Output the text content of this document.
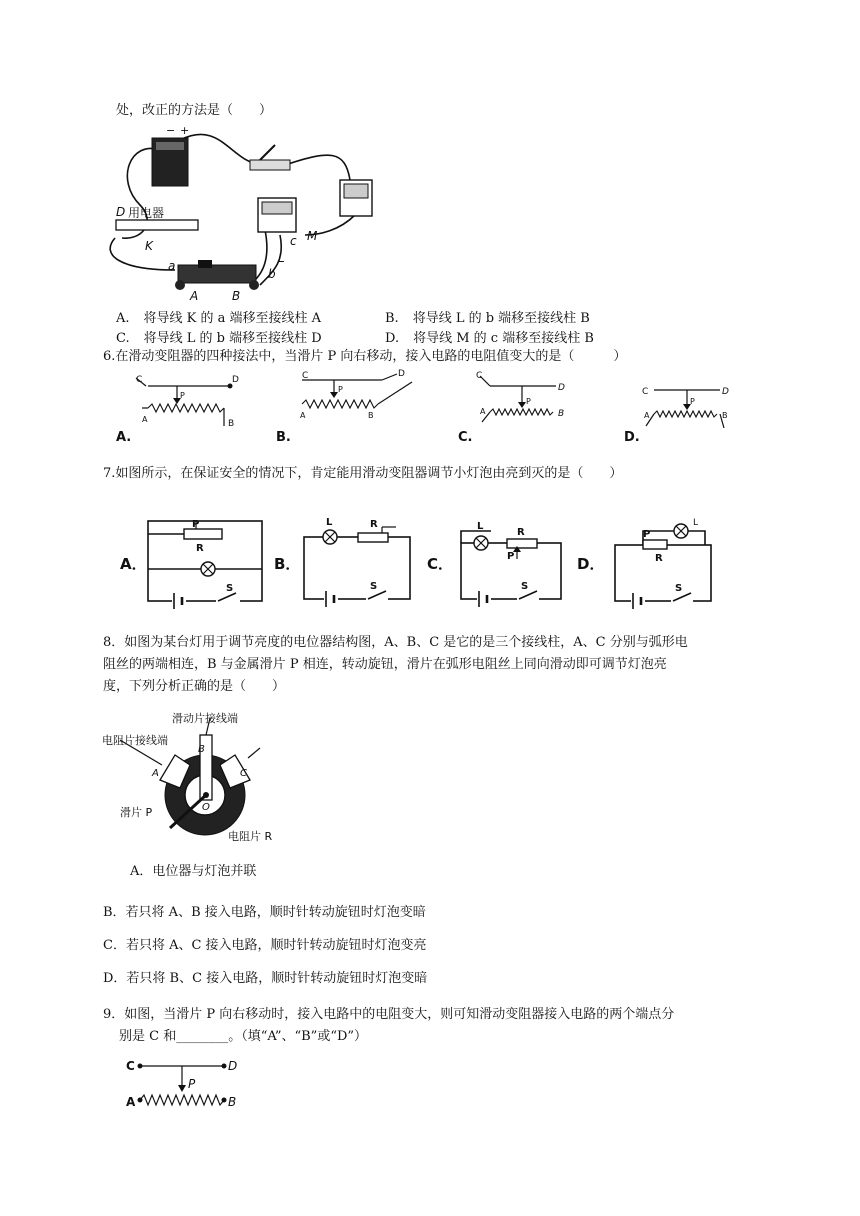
处，改正的方法是（　　）
− +
D 用电器
K
a
b
c
L
M
A	B
A. 将导线 K 的 a 端移至接线柱 A	B. 将导线 L 的 b 端移至接线柱 B
C. 将导线 L 的 b 端移至接线柱 D	D. 将导线 M 的 c 端移至接线柱 B
6.在滑动变阻器的四种接法中，当滑片 P 向右移动，接入电路的电阻值变大的是（　　　）
C	D
P
A	B
A.
C	D
P
A	B
B.
C
D
P
A	B
C.
C	D
P
A	B
D.
7.如图所示，在保证安全的情况下，肯定能用滑动变阻器调节小灯泡由亮到灭的是（　　）
A．
P
R
S
B．
L	R
S
C．
L
R
P
S
D．
P
R
L
S
8．如图为某台灯用于调节亮度的电位器结构图，A、B、C 是它的是三个接线柱，A、C 分别与弧形电
阻丝的两端相连，B 与金属滑片 P 相连，转动旋钮，滑片在弧形电阻丝上同向滑动即可调节灯泡亮
度，下列分析正确的是（　　）
滑动片接线端
电阻片接线端
B
A	C
O
滑片 P
电阻片 R
A．电位器与灯泡并联
B．若只将 A、B 接入电路，顺时针转动旋钮时灯泡变暗
C．若只将 A、C 接入电路，顺时针转动旋钮时灯泡变亮
D．若只将 B、C 接入电路，顺时针转动旋钮时灯泡变暗
9．如图，当滑片 P 向右移动时，接入电路中的电阻变大，则可知滑动变阻器接入电路的两个端点分
别是 C 和________。（填“A”、“B”或“D”）
C	D
P
A	B
